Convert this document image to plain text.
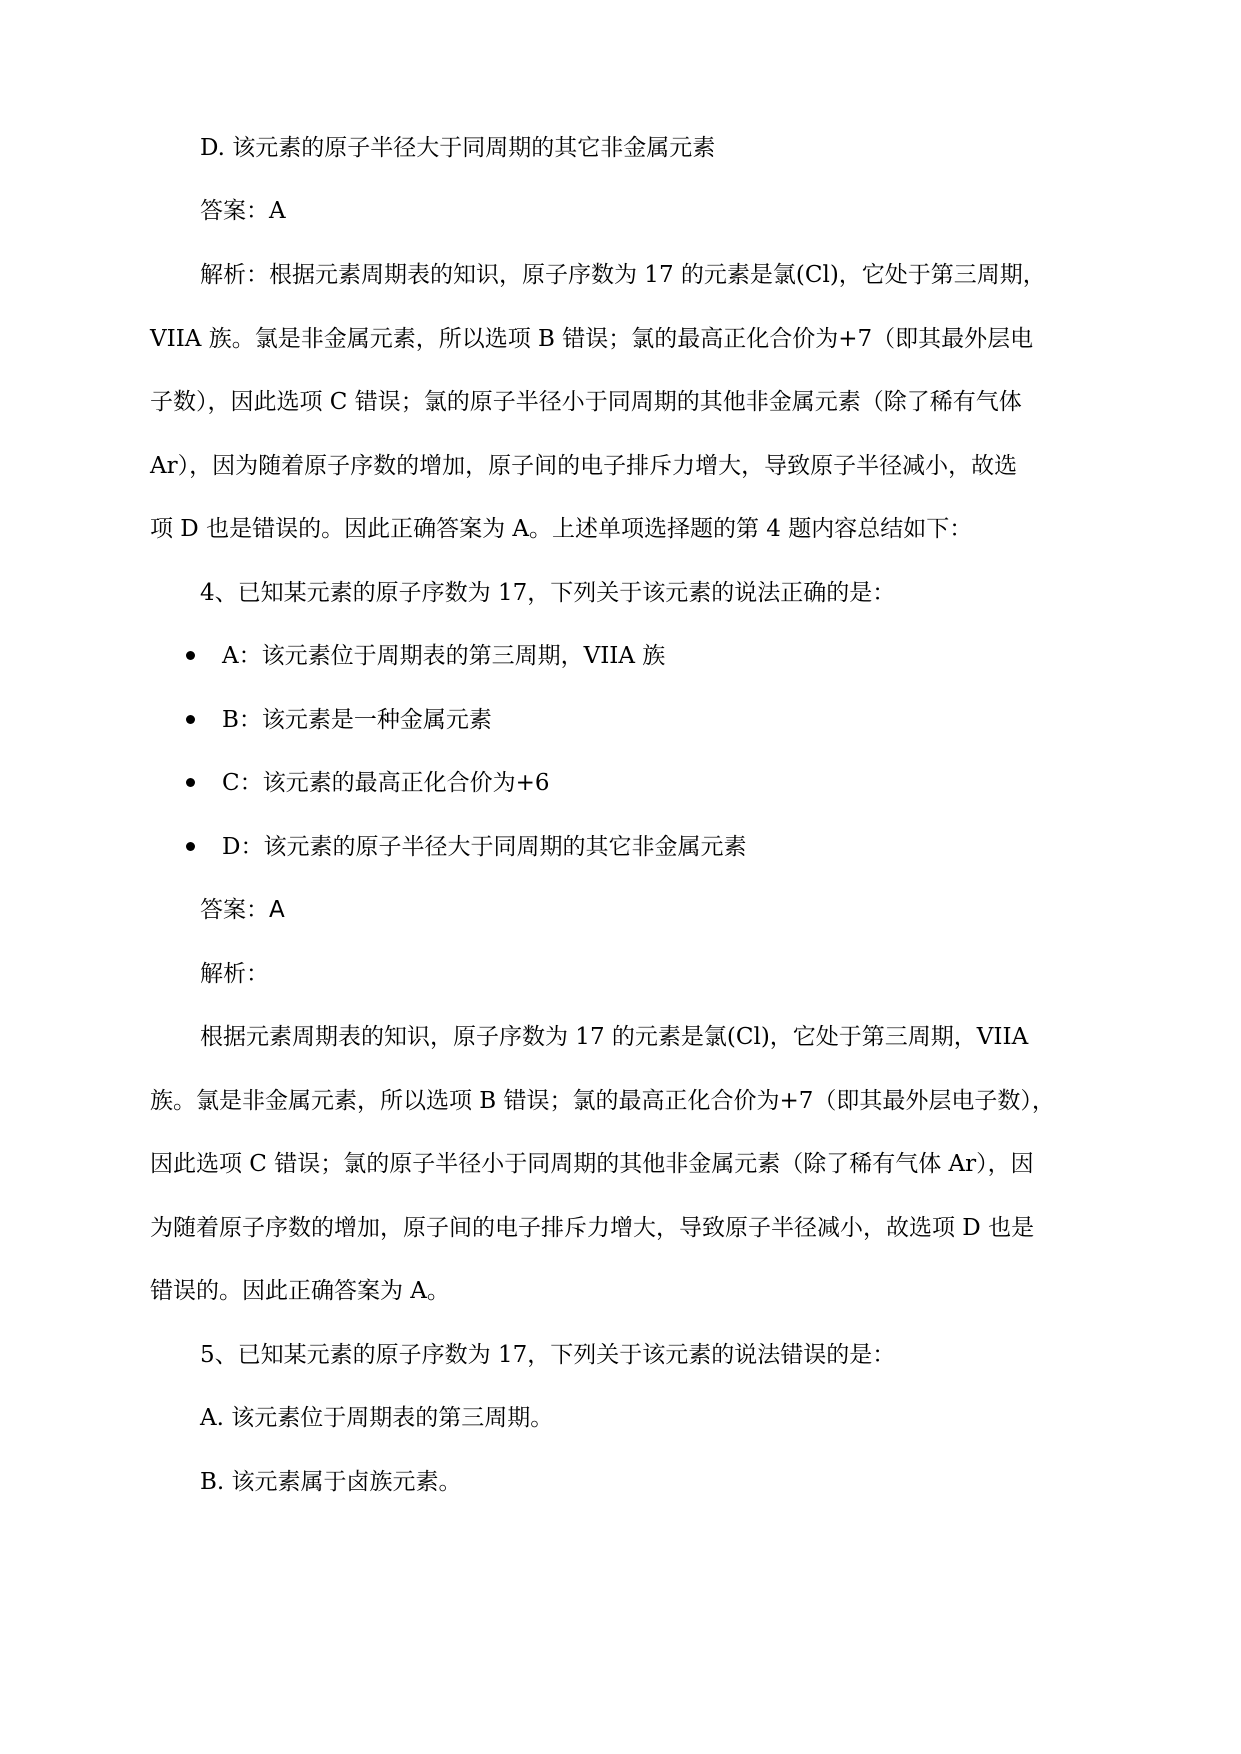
D. 该元素的原子半径大于同周期的其它非金属元素
答案：A
解析：根据元素周期表的知识，原子序数为 17 的元素是氯(Cl)，它处于第三周期，
VIIA 族。氯是非金属元素，所以选项 B 错误；氯的最高正化合价为+7（即其最外层电
子数），因此选项 C 错误；氯的原子半径小于同周期的其他非金属元素（除了稀有气体
Ar），因为随着原子序数的增加，原子间的电子排斥力增大，导致原子半径减小，故选
项 D 也是错误的。因此正确答案为 A。上述单项选择题的第 4 题内容总结如下：
4、已知某元素的原子序数为 17，下列关于该元素的说法正确的是：
A：该元素位于周期表的第三周期，VIIA 族
B：该元素是一种金属元素
C：该元素的最高正化合价为+6
D：该元素的原子半径大于同周期的其它非金属元素
答案：A
解析：
根据元素周期表的知识，原子序数为 17 的元素是氯(Cl)，它处于第三周期，VIIA
族。氯是非金属元素，所以选项 B 错误；氯的最高正化合价为+7（即其最外层电子数），
因此选项 C 错误；氯的原子半径小于同周期的其他非金属元素（除了稀有气体 Ar），因
为随着原子序数的增加，原子间的电子排斥力增大，导致原子半径减小，故选项 D 也是
错误的。因此正确答案为 A。
5、已知某元素的原子序数为 17，下列关于该元素的说法错误的是：
A. 该元素位于周期表的第三周期。
B. 该元素属于卤族元素。
